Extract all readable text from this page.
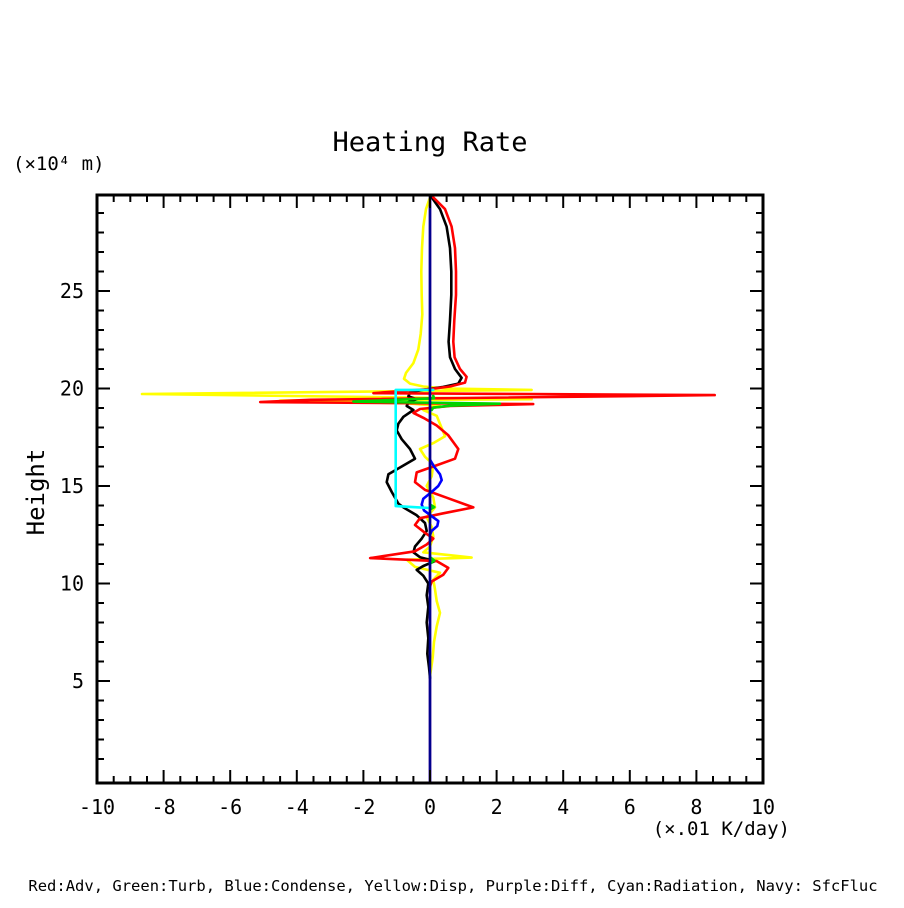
Heating Rate
(×10⁴ m)
Height
(×.01 K/day)
Red:Adv, Green:Turb, Blue:Condense, Yellow:Disp, Purple:Diff, Cyan:Radiation, Navy: SfcFluc
-10 -8 -6 -4 -2 0	2	4	6	8 10
5
10
15
20
25
